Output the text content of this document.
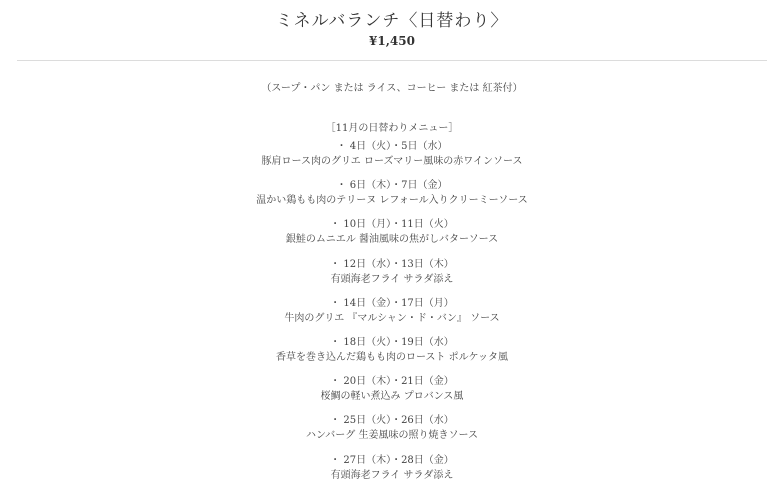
ミネルバランチ〈日替わり〉
¥1,450
（スープ・パン または ライス、コーヒー または 紅茶付）
［11月の日替わりメニュー］
・ 4日（火）・5日（水）
豚肩ロース肉のグリエ ローズマリー風味の赤ワインソース
・ 6日（木）・7日（金）
温かい鶏もも肉のテリーヌ レフォール入りクリーミーソース
・ 10日（月）・11日（火）
銀鮭のムニエル 醤油風味の焦がしバターソース
・ 12日（水）・13日（木）
有頭海老フライ サラダ添え
・ 14日（金）・17日（月）
牛肉のグリエ 『マルシャン・ド・バン』 ソース
・ 18日（火）・19日（水）
香草を巻き込んだ鶏もも肉のロースト ポルケッタ風
・ 20日（木）・21日（金）
桜鯛の軽い煮込み プロバンス風
・ 25日（火）・26日（水）
ハンバーグ 生姜風味の照り焼きソース
・ 27日（木）・28日（金）
有頭海老フライ サラダ添え
